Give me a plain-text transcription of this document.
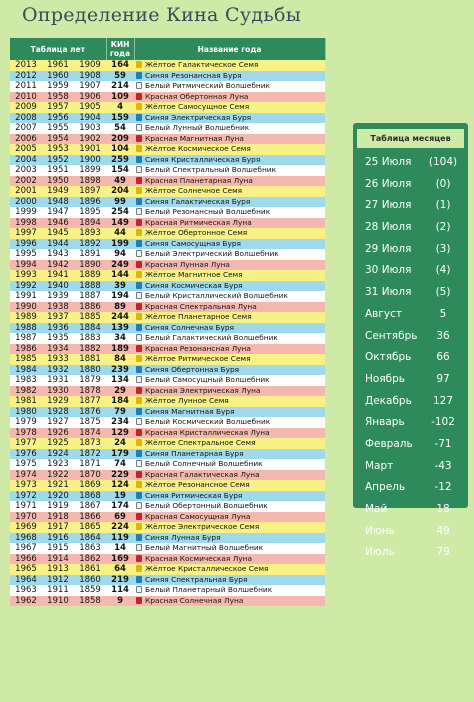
Определение Кина Судьбы
Таблица лет			КИН
года	Название года
2013	1961	1909	164	Жёлтое Галактическое Семя
2012	1960	1908	59	Синяя Резонансная Буря
2011	1959	1907	214	Белый Ритмический Волшебник
2010	1958	1906	109	Красная Обертонная Луна
2009	1957	1905	4	Жёлтое Самосущное Семя
2008	1956	1904	159	Синяя Электрическая Буря
2007	1955	1903	54	Белый Лунный Волшебник
2006	1954	1902	209	Красная Магнитная Луна
2005	1953	1901	104	Жёлтое Космическое Семя
2004	1952	1900	259	Синяя Кристаллическая Буря
2003	1951	1899	154	Белый Спектральный Волшебник
2002	1950	1898	49	Красная Планетарная Луна
2001	1949	1897	204	Жёлтое Солнечное Семя
2000	1948	1896	99	Синяя Галактическая Буря
1999	1947	1895	254	Белый Резонансный Волшебник
1998	1946	1894	149	Красная Ритмическая Луна
1997	1945	1893	44	Жёлтое Обертонное Семя
1996	1944	1892	199	Синяя Самосущная Буря
1995	1943	1891	94	Белый Электрический Волшебник
1994	1942	1890	249	Красная Лунная Луна
1993	1941	1889	144	Жёлтое Магнитное Семя
1992	1940	1888	39	Синяя Космическая Буря
1991	1939	1887	194	Белый Кристаллический Волшебник
1990	1938	1886	89	Красная Спектральная Луна
1989	1937	1885	244	Жёлтое Планетарное Семя
1988	1936	1884	139	Синяя Солнечная Буря
1987	1935	1883	34	Белый Галактический Волшебник
1986	1934	1882	189	Красная Резонансная Луна
1985	1933	1881	84	Жёлтое Ритмическое Семя
1984	1932	1880	239	Синяя Обертонная Буря
1983	1931	1879	134	Белый Самосущный Волшебник
1982	1930	1878	29	Красная Электрическая Луна
1981	1929	1877	184	Жёлтое Лунное Семя
1980	1928	1876	79	Синяя Магнитная Буря
1979	1927	1875	234	Белый Космический Волшебник
1978	1926	1874	129	Красная Кристаллическая Луна
1977	1925	1873	24	Жёлтое Спектральное Семя
1976	1924	1872	179	Синяя Планетарная Буря
1975	1923	1871	74	Белый Солнечный Волшебник
1974	1922	1870	229	Красная Галактическая Луна
1973	1921	1869	124	Жёлтое Резонансное Семя
1972	1920	1868	19	Синяя Ритмическая Буря
1971	1919	1867	174	Белый Обертонный Волшебник
1970	1918	1866	69	Красная Самосущная Луна
1969	1917	1865	224	Жёлтое Электрическое Семя
1968	1916	1864	119	Синяя Лунная Буря
1967	1915	1863	14	Белый Магнитный Волшебник
1966	1914	1862	169	Красная Космическая Луна
1965	1913	1861	64	Жёлтое Кристаллическое Семя
1964	1912	1860	219	Синяя Спектральная Буря
1963	1911	1859	114	Белый Планетарный Волшебник
1962	1910	1858	9	Красная Солнечная Луна
Таблица месяцев
25 Июля (104)
26 Июля	(0)
27 Июля	(1)
28 Июля	(2)
29 Июля	(3)
30 Июля	(4)
31 Июля	(5)
Август	5
Сентябрь	36
Октябрь	66
Ноябрь	97
Декабрь	127
Январь	-102
Февраль	-71
Март	-43
Апрель	-12
Май	18
Июнь	49
Июль	79
